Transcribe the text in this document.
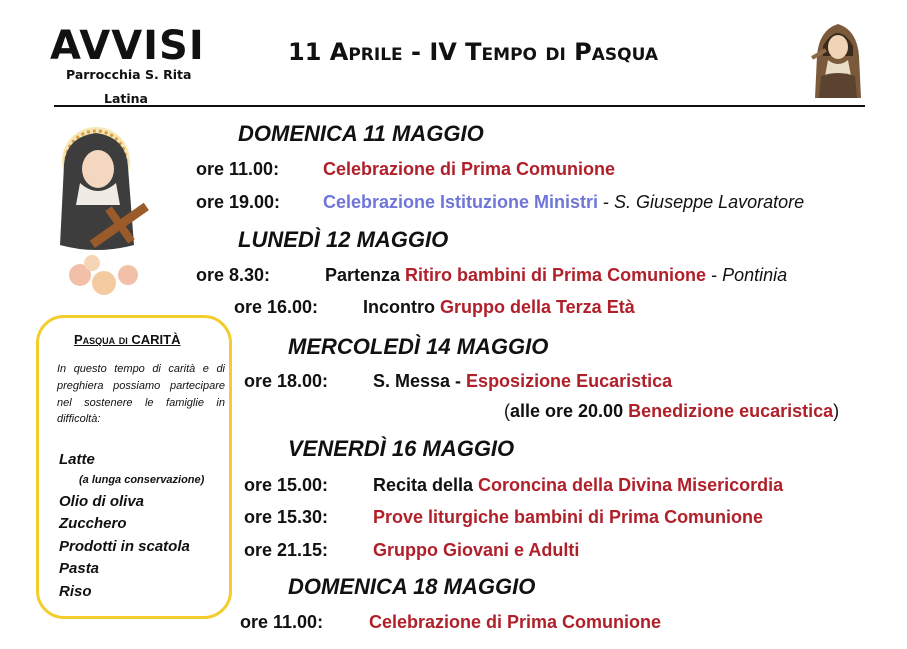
AVVISI
Parrocchia S. Rita
Latina
11 Aprile - IV Tempo di Pasqua
DOMENICA 11 MAGGIO
ore 11.00: Celebrazione di Prima Comunione
ore 19.00: Celebrazione Istituzione Ministri - S. Giuseppe Lavoratore
LUNEDÌ 12 MAGGIO
ore 8.30:	Partenza Ritiro bambini di Prima Comunione - Pontinia
ore 16.00: Incontro Gruppo della Terza Età
Pasqua di CARITÀ
In questo tempo di carità e di preghiera possiamo partecipare nel sostenere le famiglie in difficoltà:
Latte
(a lunga conservazione)
Olio di oliva
Zucchero
Prodotti in scatola
Pasta
Riso
MERCOLEDÌ 14 MAGGIO
ore 18.00: S. Messa - Esposizione Eucaristica
(alle ore 20.00 Benedizione eucaristica)
VENERDÌ 16 MAGGIO
ore 15.00: Recita della Coroncina della Divina Misericordia
ore 15.30: Prove liturgiche bambini di Prima Comunione
ore 21.15: Gruppo Giovani e Adulti
DOMENICA 18 MAGGIO
ore 11.00:	Celebrazione di Prima Comunione
